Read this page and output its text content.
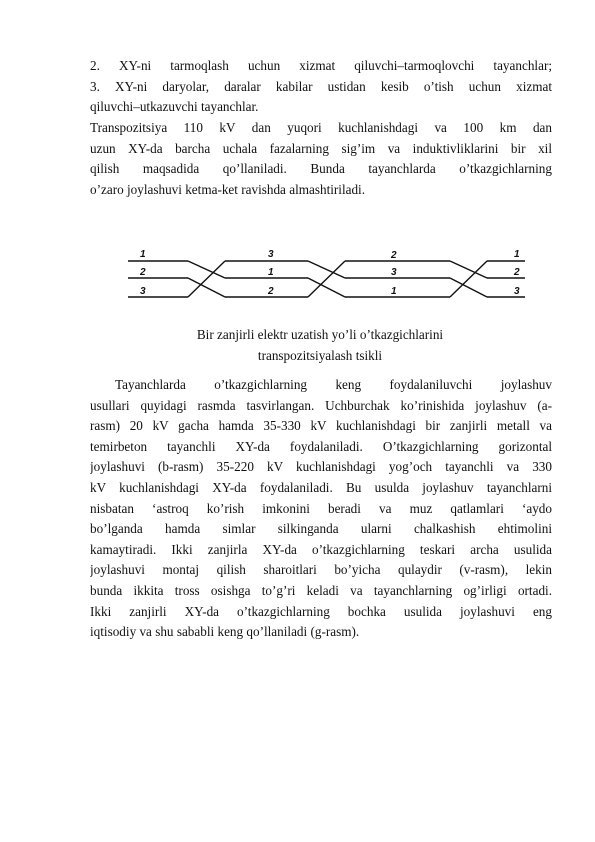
2. XY-ni tarmoqlash uchun xizmat qiluvchi–tarmoqlovchi tayanchlar;
3. XY-ni daryolar, daralar kabilar ustidan kesib o’tish uchun xizmat
qiluvchi–utkazuvchi tayanchlar.
Transpozitsiya 110 kV dan yuqori kuchlanishdagi va 100 km dan
uzun XY-da barcha uchala fazalarning sig’im va induktivliklarini bir xil
qilish maqsadida qo’llaniladi. Bunda tayanchlarda o’tkazgichlarning
o’zaro joylashuvi ketma-ket ravishda almashtiriladi.
1
2
3
3
1
2
2
3
1
1
2
3
Bir zanjirli elektr uzatish yo’li o’tkazgichlarini
transpozitsiyalash tsikli
Tayanchlarda o’tkazgichlarning keng foydalaniluvchi joylashuv
usullari quyidagi rasmda tasvirlangan. Uchburchak ko’rinishida joylashuv (a-
rasm) 20 kV gacha hamda 35-330 kV kuchlanishdagi bir zanjirli metall va
temirbeton tayanchli XY-da foydalaniladi. O’tkazgichlarning gorizontal
joylashuvi (b-rasm) 35-220 kV kuchlanishdagi yog’och tayanchli va 330
kV kuchlanishdagi XY-da foydalaniladi. Bu usulda joylashuv tayanchlarni
nisbatan ‘astroq ko’rish imkonini beradi va muz qatlamlari ‘aydo
bo’lganda hamda simlar silkinganda ularni chalkashish ehtimolini
kamaytiradi. Ikki zanjirla XY-da o’tkazgichlarning teskari archa usulida
joylashuvi montaj qilish sharoitlari bo’yicha qulaydir (v-rasm), lekin
bunda ikkita tross osishga to’g’ri keladi va tayanchlarning og’irligi ortadi.
Ikki zanjirli XY-da o’tkazgichlarning bochka usulida joylashuvi eng
iqtisodiy va shu sababli keng qo’llaniladi (g-rasm).
